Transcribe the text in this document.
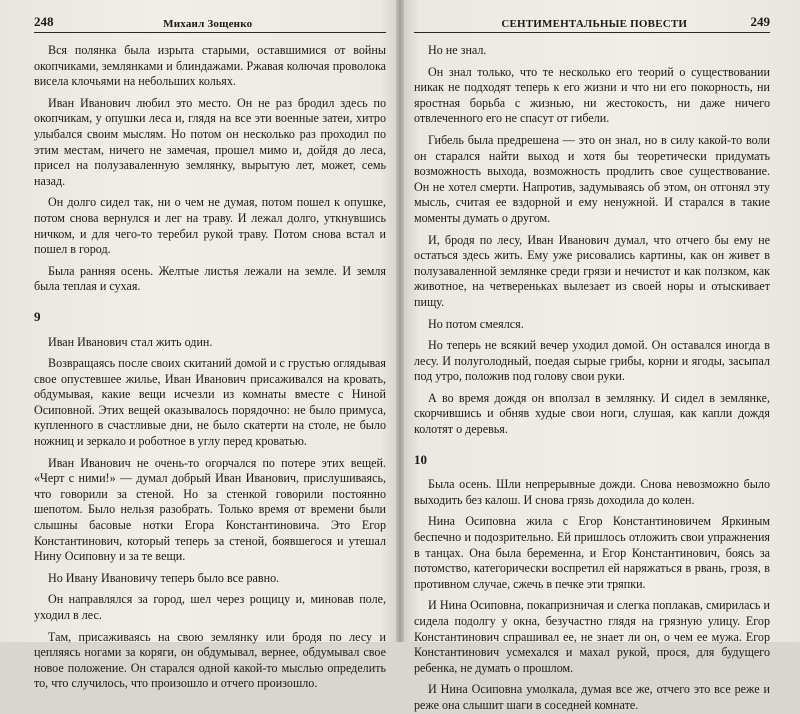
248	Михаил Зощенко

Вся полянка была изрыта старыми, оставшимися от войны окопчиками, землянками и блиндажами. Ржавая колючая проволока висела клочьями на небольших кольях.

Иван Иванович любил это место. Он не раз бродил здесь по окопчикам, у опушки леса и, глядя на все эти военные затеи, хитро улыбался своим мыслям. Но потом он несколько раз проходил по этим местам, ничего не замечая, прошел мимо и, дойдя до леса, присел на полузаваленную землянку, вырытую лет, может, семь назад.

Он долго сидел так, ни о чем не думая, потом пошел к опушке, потом снова вернулся и лег на траву. И лежал долго, уткнувшись ничком, и для чего-то теребил рукой траву. Потом снова встал и пошел в город.

Была ранняя осень. Желтые листья лежали на земле. И земля была теплая и сухая.

9

Иван Иванович стал жить один.

Возвращаясь после своих скитаний домой и с грустью оглядывая свое опустевшее жилье, Иван Иванович присаживался на кровать, обдумывая, какие вещи исчезли из комнаты вместе с Ниной Осиповной. Этих вещей оказывалось порядочно: не было примуса, купленного в счастливые дни, не было скатерти на столе, не было ножниц и зеркало и роботное в углу перед кроватью.

Иван Иванович не очень-то огорчался по потере этих вещей. «Черт с ними!» — думал добрый Иван Иванович, прислушиваясь, что говорили за стеной. Но за стенкой говорили постоянно шепотом. Было нельзя разобрать. Только время от времени были слышны басовые нотки Егора Константиновича. Это Егор Константинович, который теперь за стеной, боявшегося и утешал Нину Осиповну и за те вещи.

Но Ивану Ивановичу теперь было все равно.

Он направлялся за город, шел через рощицу и, миновав поле, уходил в лес.

Там, присаживаясь на свою землянку или бродя по лесу и цепляясь ногами за коряги, он обдумывал, вернее, обдумывал свое новое положение. Он старался одной какой-то мыслью определить то, что случилось, что произошло и отчего произошло.

СЕНТИМЕНТАЛЬНЫЕ ПОВЕСТИ	249

Но не знал.

Он знал только, что те несколько его теорий о существовании никак не подходят теперь к его жизни и что ни его покорность, ни яростная борьба с жизнью, ни жестокость, ни даже ничего отвлеченного его не спасут от гибели.

Гибель была предрешена — это он знал, но в силу какой-то воли он старался найти выход и хотя бы теоретически придумать возможность выхода, возможность продлить свое существование. Он не хотел смерти. Напротив, задумываясь об этом, он отгонял эту мысль, считая ее вздорной и ему ненужной. И старался в такие моменты думать о другом.

И, бродя по лесу, Иван Иванович думал, что отчего бы ему не остаться здесь жить. Ему уже рисовались картины, как он живет в полузаваленной землянке среди грязи и нечистот и как ползком, как животное, на четвереньках вылезает из своей норы и отыскивает пищу.

Но потом смеялся.

Но теперь не всякий вечер уходил домой. Он оставался иногда в лесу. И полуголодный, поедая сырые грибы, корни и ягоды, засыпал под утро, положив под голову свои руки.

А во время дождя он вползал в землянку. И сидел в землянке, скорчившись и обняв худые свои ноги, слушая, как капли дождя колотят о деревья.

10

Была осень. Шли непрерывные дожди. Снова невозможно было выходить без калош. И снова грязь доходила до колен.

Нина Осиповна жила с Егор Константиновичем Яркиным беспечно и подозрительно. Ей пришлось отложить свои упражнения в танцах. Она была беременна, и Егор Константинович, боясь за потомство, категорически воспретил ей наряжаться в рвань, грозя, в противном случае, сжечь в печке эти тряпки.

И Нина Осиповна, покапризничая и слегка поплакав, смирилась и сидела подолгу у окна, безучастно глядя на грязную улицу. Егор Константинович спрашивал ее, не знает ли он, о чем ее мужа. Егор Константинович усмехался и махал рукой, прося, для будущего ребенка, не думать о прошлом.

И Нина Осиповна умолкала, думая все же, отчего это все реже и реже она слышит шаги в соседней комнате.
